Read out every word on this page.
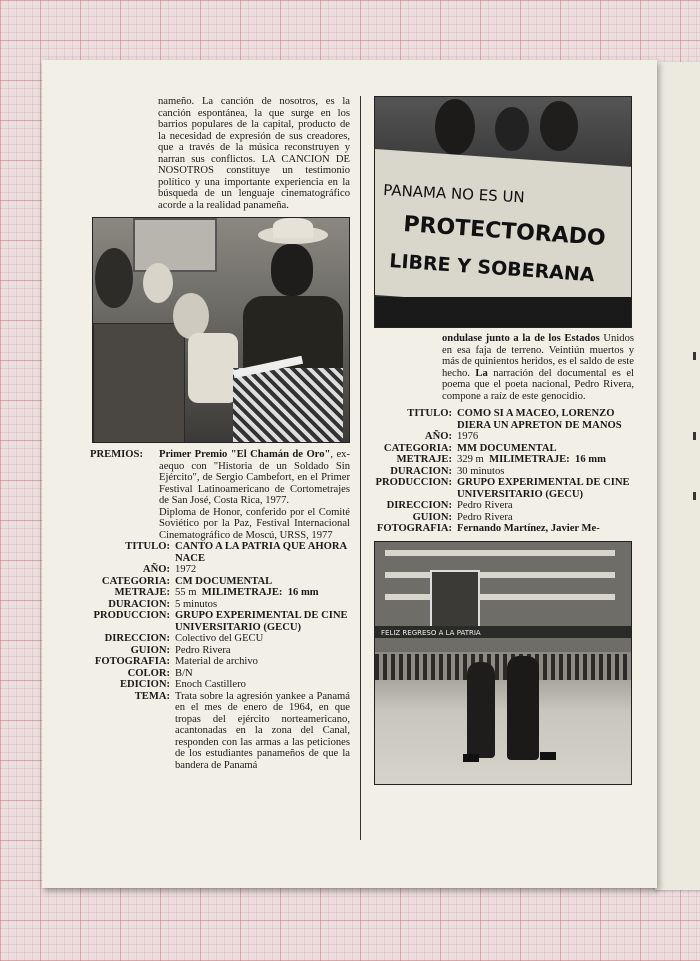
nameño. La canción de nosotros, es la canción espontánea, la que surge en los barrios populares de la capital, producto de la necesidad de expresión de sus creadores, que a través de la música reconstruyen y narran sus conflictos. LA CANCION DE NOSOTROS constituye un testimonio político y una importante experiencia en la búsqueda de un lenguaje cinematográfico acorde a la realidad panameña.

PREMIOS:	Primer Premio "El Chamán de Oro", ex-aequo con "Historia de un Soldado Sin Ejército", de Sergio Cambefort, en el Primer Festival Latinoamericano de Cortometrajes de San José, Costa Rica, 1977.
Diploma de Honor, conferido por el Comité Soviético por la Paz, Festival Internacional Cinematográfico de Moscú, URSS, 1977
TITULO: CANTO A LA PATRIA QUE AHORA NACE
AÑO: 1972
CATEGORIA: CM DOCUMENTAL
METRAJE: 55 m MILIMETRAJE: 16 mm
DURACION: 5 minutos
PRODUCCION: GRUPO EXPERIMENTAL DE CINE UNIVERSITARIO (GECU)
DIRECCION: Colectivo del GECU
GUION: Pedro Rivera
FOTOGRAFIA: Material de archivo
COLOR: B/N
EDICION: Enoch Castillero
TEMA: Trata sobre la agresión yankee a Panamá en el mes de enero de 1964, en que tropas del ejército norteamericano, acantonadas en la zona del Canal, responden con las armas a las peticiones de los estudiantes panameños de que la bandera de Panamá
PANAMA NO ES UN
PROTECTORADO
LIBRE Y SOBERANA

ondulase junto a la de los Estados Unidos en esa faja de terreno. Veintiún muertos y más de quinientos heridos, es el saldo de este hecho. La narración del documental es el poema que el poeta nacional, Pedro Rivera, compone a raíz de este genocidio.

TITULO: COMO SI A MACEO, LORENZO DIERA UN APRETON DE MANOS
AÑO: 1976
CATEGORIA: MM DOCUMENTAL
METRAJE: 329 m MILIMETRAJE: 16 mm
DURACION: 30 minutos
PRODUCCION: GRUPO EXPERIMENTAL DE CINE UNIVERSITARIO (GECU)
DIRECCION: Pedro Rivera
GUION: Pedro Rivera
FOTOGRAFIA: Fernando Martínez, Javier Me-
FELIZ REGRESO A LA PATRIA
